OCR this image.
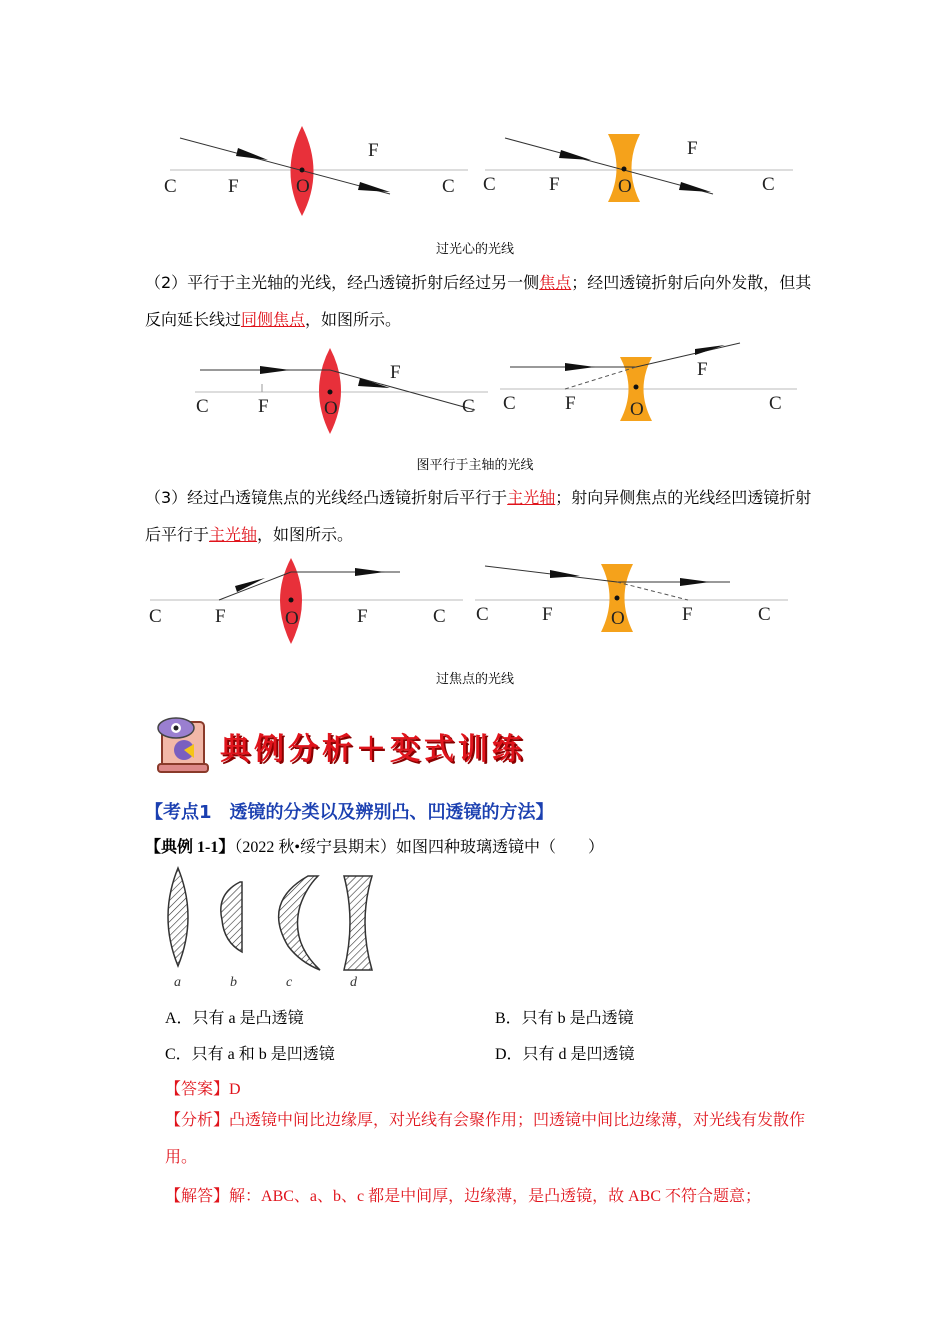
C	F	O
F
C C	F	O
F
C
过光心的光线
（2）平行于主光轴的光线，经凸透镜折射后经过另一侧焦点；经凹透镜折射后向外发散，但其反向延长线过同侧焦点，如图所示。
C	F	O
F
C C	F	O
F
C
图平行于主轴的光线
（3）经过凸透镜焦点的光线经凸透镜折射后平行于主光轴；射向异侧焦点的光线经凹透镜折射后平行于主光轴，如图所示。
C	F	O	F	C C	F	O	F	C
过焦点的光线
典例分析＋变式训练
【考点1　透镜的分类以及辨别凸、凹透镜的方法】
【典例 1-1】（2022 秋•绥宁县期末）如图四种玻璃透镜中（　　）
a	b	c	d
A．只有 a 是凸透镜	B．只有 b 是凸透镜
C．只有 a 和 b 是凹透镜	D．只有 d 是凹透镜
【答案】D
【分析】凸透镜中间比边缘厚，对光线有会聚作用；凹透镜中间比边缘薄，对光线有发散作用。
【解答】解：ABC、a、b、c 都是中间厚，边缘薄，是凸透镜，故 ABC 不符合题意；
